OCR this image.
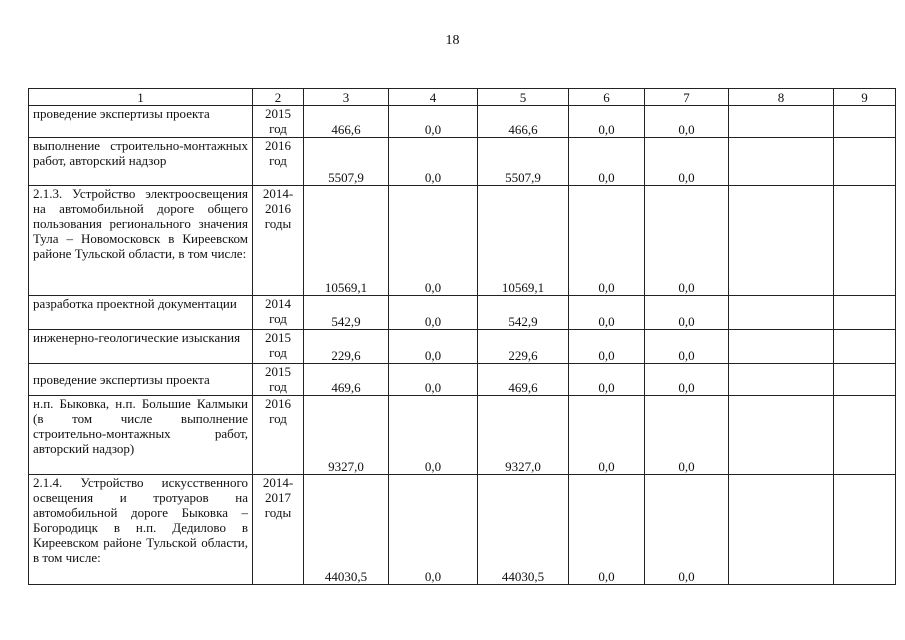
18
1	2	3	4	5	6	7	8	9
проведение экспертизы проекта	2015 год	466,6	0,0	466,6	0,0	0,0		
выполнение строительно-монтажных работ, авторский надзор	2016 год	5507,9	0,0	5507,9	0,0	0,0		
2.1.3. Устройство электроосвещения на автомобильной дороге общего пользования регионального значения Тула – Новомосковск в Киреевском районе Тульской области, в том числе:	2014-2016 годы	10569,1	0,0	10569,1	0,0	0,0		
разработка проектной документации	2014 год	542,9	0,0	542,9	0,0	0,0		
инженерно-геологические изыскания	2015 год	229,6	0,0	229,6	0,0	0,0		
проведение экспертизы проекта	2015 год	469,6	0,0	469,6	0,0	0,0		
н.п. Быковка, н.п. Большие Калмыки (в том числе выполнение строительно-монтажных работ, авторский надзор)	2016 год	9327,0	0,0	9327,0	0,0	0,0		
2.1.4. Устройство искусственного освещения и тротуаров на автомобильной дороге Быковка – Богородицк в н.п. Дедилово в Киреевском районе Тульской области, в том числе:	2014-2017 годы	44030,5	0,0	44030,5	0,0	0,0		
